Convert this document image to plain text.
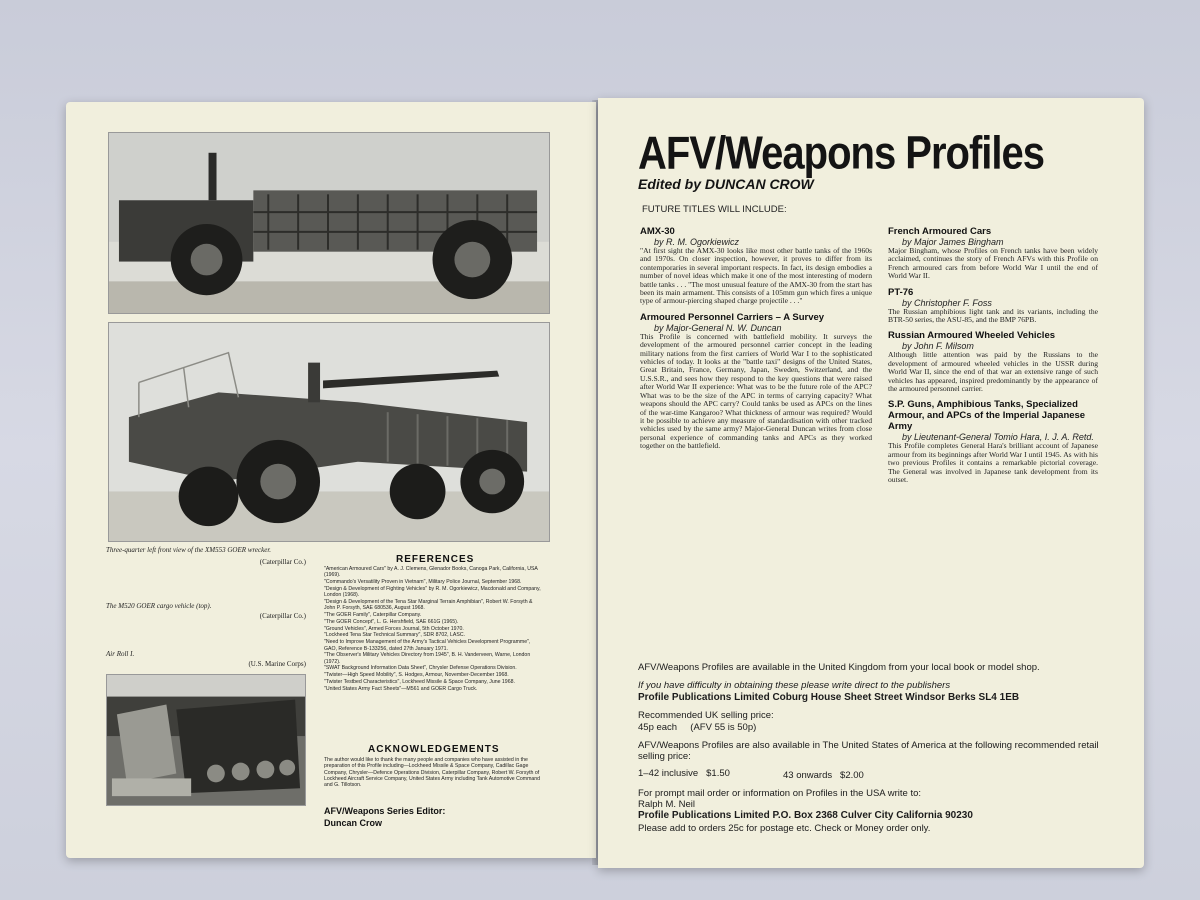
Three-quarter left front view of the XM553 GOER wrecker.
(Caterpillar Co.)
The M520 GOER cargo vehicle (top).
(Caterpillar Co.)
Air Roll I.
(U.S. Marine Corps)
REFERENCES

"American Armoured Cars" by A. J. Clemens, Glenador Books, Canoga Park, California, USA (1969).

"Commando's Versatility Proven in Vietnam", Military Police Journal, September 1968.

"Design & Development of Fighting Vehicles" by R. M. Ogorkiewicz, Macdonald and Company, London (1968).

"Design & Development of the Tena Star Marginal Terrain Amphibian", Robert W. Forsyth & John P. Forsyth, SAE 680536, August 1968.

"The GOER Family", Caterpillar Company.

"The GOER Concept", L. G. Hershfield, SAE 661G (1965).

"Ground Vehicles", Armed Forces Journal, 5th October 1970.

"Lockheed Tena Star Technical Summary", SDR 8702, LASC.

"Need to Improve Management of the Army's Tactical Vehicles Development Programme", GAO, Reference B-133256, dated 27th January 1971.

"The Observer's Military Vehicles Directory from 1945", B. H. Vanderveen, Warne, London (1972).

"SWAT Background Information Data Sheet", Chrysler Defense Operations Division.

"Twister—High Speed Mobility", S. Hodges, Armour, November-December 1968.

"Twister Testbed Characteristics", Lockheed Missile & Space Company, June 1968.

"United States Army Fact Sheets"—M561 and GOER Cargo Truck.

ACKNOWLEDGEMENTS
The author would like to thank the many people and companies who have assisted in the preparation of this Profile including—Lockheed Missile & Space Company, Cadillac Gage Company, Chrysler—Defence Operations Division, Caterpillar Company, Robert W. Forsyth of Lockheed Aircraft Service Company, United States Army including Tank Automotive Command and G. Tillotson.
AFV/Weapons Series Editor:
Duncan Crow
AFV/Weapons Profiles
Edited by DUNCAN CROW
FUTURE TITLES WILL INCLUDE:
AMX-30
by R. M. Ogorkiewicz
"At first sight the AMX-30 looks like most other battle tanks of the 1960s and 1970s. On closer inspection, however, it proves to differ from its contemporaries in several important respects. In fact, its design embodies a number of novel ideas which make it one of the most interesting of modern battle tanks . . . "The most unusual feature of the AMX-30 from the start has been its main armament. This consists of a 105mm gun which fires a unique type of armour-piercing shaped charge projectile . . ."
Armoured Personnel Carriers – A Survey
by Major-General N. W. Duncan
This Profile is concerned with battlefield mobility. It surveys the development of the armoured personnel carrier concept in the leading military nations from the first carriers of World War I to the sophisticated vehicles of today. It looks at the "battle taxi" designs of the United States, Great Britain, France, Germany, Japan, Sweden, Switzerland, and the U.S.S.R., and sees how they respond to the key questions that were raised after World War II experience: What was to be the future role of the APC? What was to be the size of the APC in terms of carrying capacity? What weapons should the APC carry? Could tanks be used as APCs on the lines of the war-time Kangaroo? What thickness of armour was required? Would it be possible to achieve any measure of standardisation with other tracked vehicles used by the same army? Major-General Duncan writes from close personal experience of commanding tanks and APCs as they worked together on the battlefield.
French Armoured Cars
by Major James Bingham
Major Bingham, whose Profiles on French tanks have been widely acclaimed, continues the story of French AFVs with this Profile on French armoured cars from before World War I until the end of World War II.
PT-76
by Christopher F. Foss
The Russian amphibious light tank and its variants, including the BTR-50 series, the ASU-85, and the BMP 76PB.
Russian Armoured Wheeled Vehicles
by John F. Milsom
Although little attention was paid by the Russians to the development of armoured wheeled vehicles in the USSR during World War II, since the end of that war an extensive range of such vehicles has appeared, inspired predominantly by the appearance of the armoured personnel carrier.
S.P. Guns, Amphibious Tanks, Specialized Armour, and APCs of the Imperial Japanese Army
by Lieutenant-General Tomio Hara, I. J. A. Retd.
This Profile completes General Hara's brilliant account of Japanese armour from its beginnings after World War I until 1945. As with his two previous Profiles it contains a remarkable pictorial coverage. The General was involved in Japanese tank development from its outset.
AFV/Weapons Profiles are available in the United Kingdom from your local book or model shop.
If you have difficulty in obtaining these please write direct to the publishers
Profile Publications Limited Coburg House Sheet Street Windsor Berks SL4 1EB
Recommended UK selling price:
45p each     (AFV 55 is 50p)
AFV/Weapons Profiles are also available in The United States of America at the following recommended retail selling price:
1–42 inclusive   $1.50	43 onwards   $2.00
For prompt mail order or information on Profiles in the USA write to:
Ralph M. Neil
Profile Publications Limited P.O. Box 2368 Culver City California 90230
Please add to orders 25c for postage etc. Check or Money order only.
